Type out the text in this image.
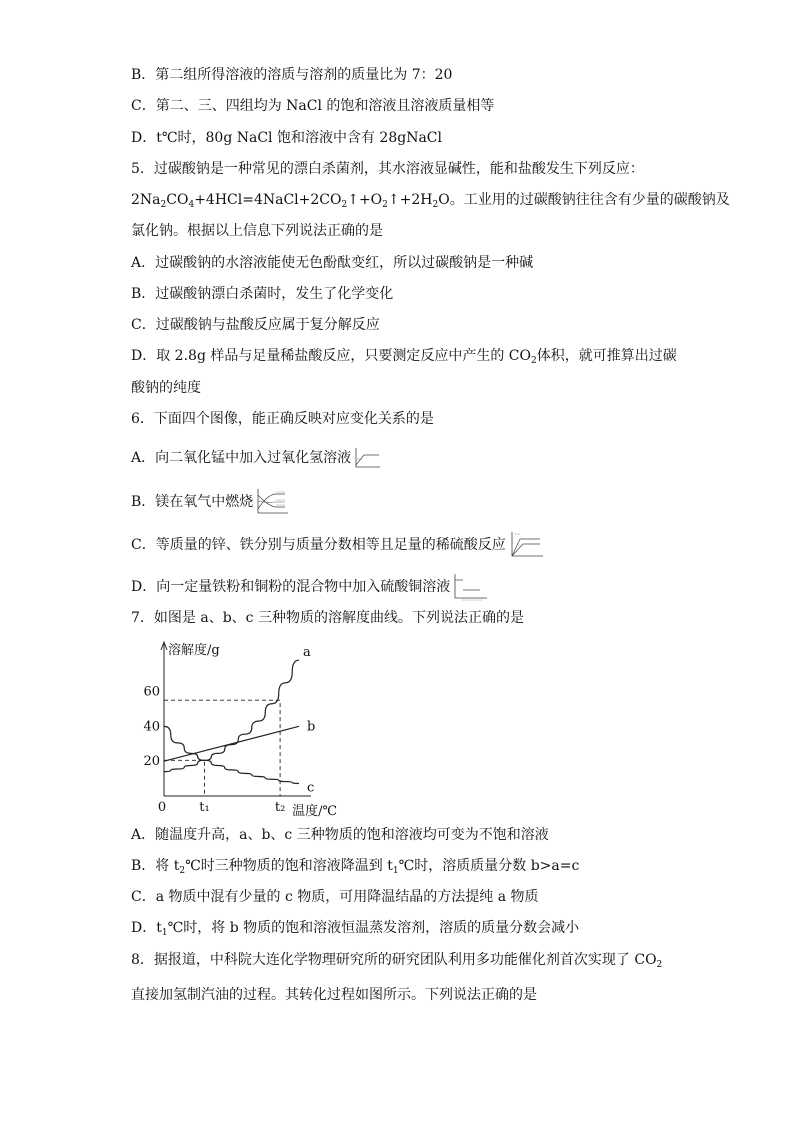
B．第二组所得溶液的溶质与溶剂的质量比为 7：20
C．第二、三、四组均为 NaCl 的饱和溶液且溶液质量相等
D．t℃时，80g NaCl 饱和溶液中含有 28gNaCl
5．过碳酸钠是一种常见的漂白杀菌剂，其水溶液显碱性，能和盐酸发生下列反应：
$2Na_2CO_4+4HCl=4NaCl+2CO_2↑+O_2↑+2H_2O$。工业用的过碳酸钠往往含有少量的碳酸钠及
氯化钠。根据以上信息下列说法正确的是
A．过碳酸钠的水溶液能使无色酚酞变红，所以过碳酸钠是一种碱
B．过碳酸钠漂白杀菌时，发生了化学变化
C．过碳酸钠与盐酸反应属于复分解反应
D．取 2.8g 样品与足量稀盐酸反应，只要测定反应中产生的 $CO_2$体积，就可推算出过碳
酸钠的纯度
6．下面四个图像，能正确反映对应变化关系的是
A．向二氧化锰中加入过氧化氢溶液
B．镁在氧气中燃烧
C．等质量的锌、铁分别与质量分数相等且足量的稀硫酸反应
D．向一定量铁粉和铜粉的混合物中加入硫酸铜溶液
7．如图是 a、b、c 三种物质的溶解度曲线。下列说法正确的是
60
40
20
0	t₁	t₂
溶解度/g
温度/℃
a
b
c
A．随温度升高，a、b、c 三种物质的饱和溶液均可变为不饱和溶液
B．将 $t_2℃$时三种物质的饱和溶液降温到 $t_1℃$时，溶质质量分数 b>a=c
C．a 物质中混有少量的 c 物质，可用降温结晶的方法提纯 a 物质
D．$t_1℃$时，将 b 物质的饱和溶液恒温蒸发溶剂，溶质的质量分数会减小
8．据报道，中科院大连化学物理研究所的研究团队利用多功能催化剂首次实现了 $CO_2$
直接加氢制汽油的过程。其转化过程如图所示。下列说法正确的是
